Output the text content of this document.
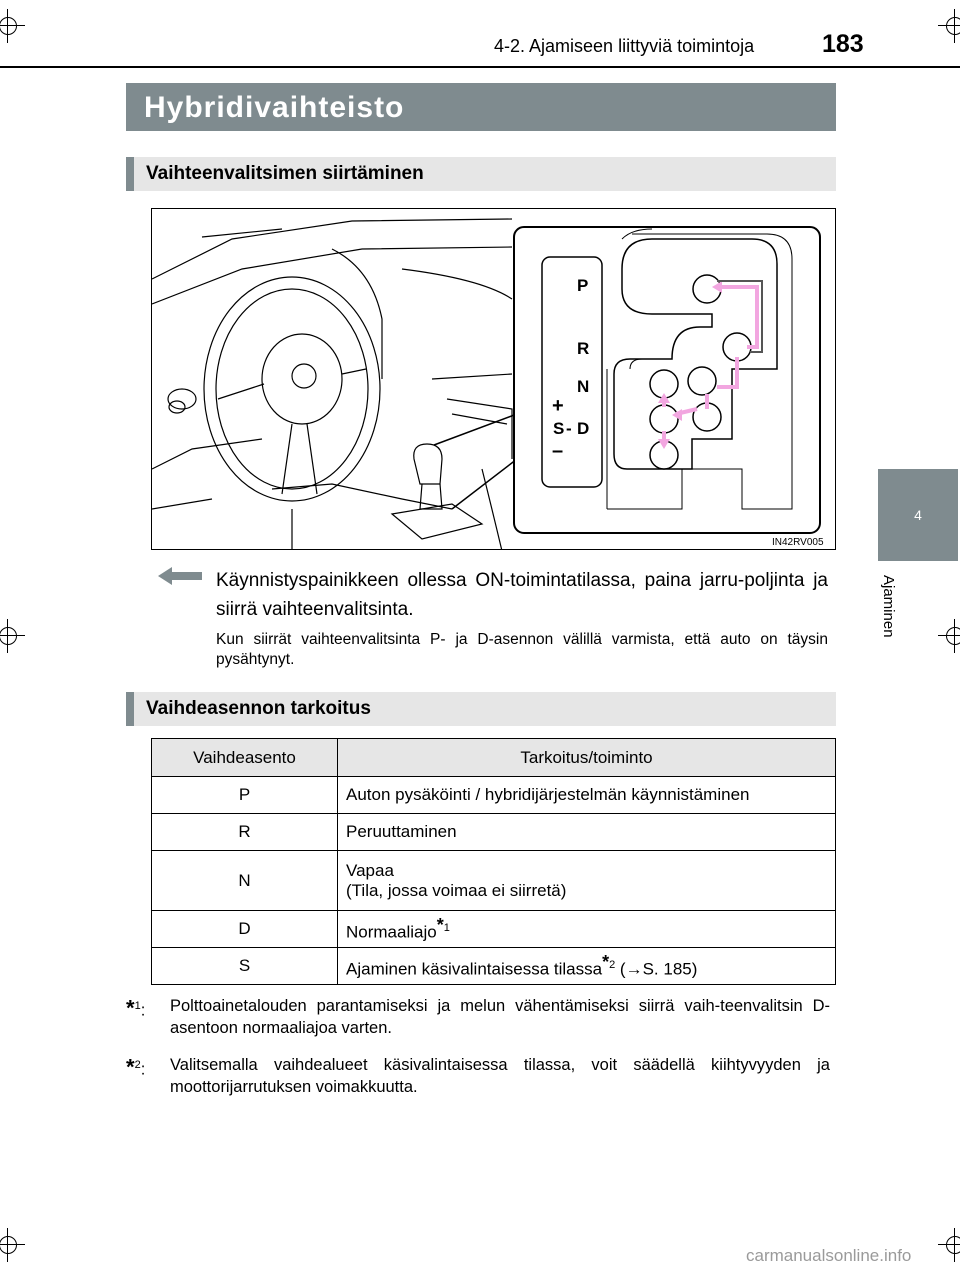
4-2. Ajamiseen liittyviä toimintoja	183
4
Ajaminen
Hybridivaihteisto
Vaihteenvalitsimen siirtäminen
P
R
N
D
S -
+
–
IN42RV005

Käynnistyspainikkeen ollessa ON-toimintatilassa, paina jarru-poljinta ja siirrä vaihteenvalitsinta.

Kun siirrät vaihteenvalitsinta P- ja D-asennon välillä varmista, että auto on täysin pysähtynyt.

Vaihdeasennon tarkoitus
Vaihdeasento	Tarkoitus/toiminto
P	Auton pysäköinti / hybridijärjestelmän käynnistäminen
R	Peruuttaminen
N	Vapaa
(Tila, jossa voimaa ei siirretä)
D	Normaaliajo$^{*1}$
S	Ajaminen käsivalintaisessa tilassa$^{*2}$ (→S. 185)
*$^1$:	Polttoainetalouden parantamiseksi ja melun vähentämiseksi siirrä vaih-teenvalitsin D-asentoon normaaliajoa varten.
*$^2$:	Valitsemalla vaihdealueet käsivalintaisessa tilassa, voit säädellä kiihtyvyyden ja moottorijarrutuksen voimakkuutta.
carmanualsonline.info
